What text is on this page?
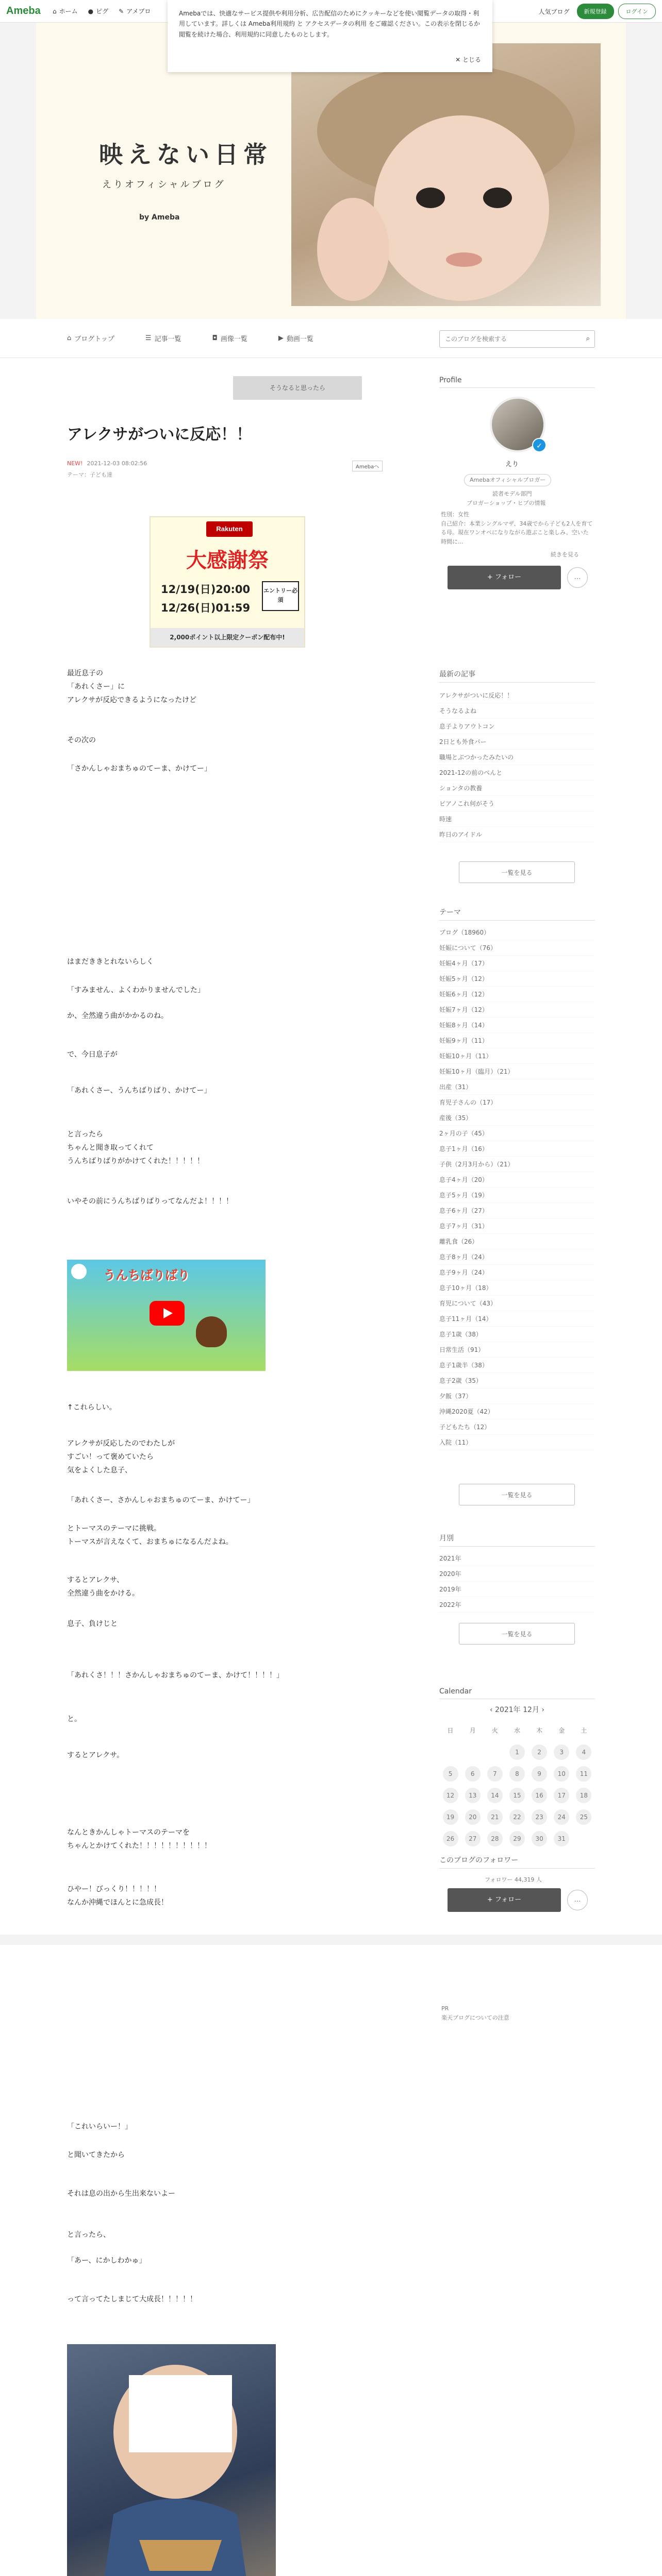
Ameba ⌂ ホーム ● ピグ ✎ アメブロ	人気ブログ	新規登録	ログイン
映えない日常
えりオフィシャルブログ
by Ameba
Amebaでは、快適なサービス提供や利用分析、広告配信のためにクッキーなどを使い閲覧データの取得・利用しています。詳しくは Ameba利用規約 と アクセスデータの利用 をご確認ください。この表示を閉じるか閲覧を続けた場合、利用規約に同意したものとします。
✕ とじる
⌂ ブログトップ	☰ 記事一覧	◘ 画像一覧	▶ 動画一覧
このブログを検索する	⌕
そうなると思ったら
アレクサがついに反応！！
NEW! 2021-12-03 08:02:56
テーマ：子ども達
Amebaへ
Rakuten
大感謝祭
12/19(日)20:00
12/26(日)01:59
エントリー必須
2,000ポイント以上限定クーポン配布中!
最近息子の
「あれくさー」に
アレクサが反応できるようになったけど
その次の
「さかんしゃおまちゅのてーま、かけてー」
はまだききとれないらしく
「すみません、よくわかりませんでした」
か、全然違う曲がかかるのね。
で、今日息子が
「あれくさー、うんちばりばり、かけてー」
と言ったら
ちゃんと聞き取ってくれて
うんちばりばりがかけてくれた！！！！！
いやその前にうんちばりばりってなんだよ！！！！
うんちばりばり
↑これらしい。
アレクサが反応したのでわたしが
すごい！って褒めていたら
気をよくした息子、
「あれくさー、さかんしゃおまちゅのてーま、かけてー」
とトーマスのテーマに挑戦。
トーマスが言えなくて、おまちゅになるんだよね。
するとアレクサ、
全然違う曲をかける。
息子、負けじと
「あれくさ！！！さかんしゃおまちゅのてーま、かけて！！！！」
と。
するとアレクサ。
なんときかんしゃトーマスのテーマを
ちゃんとかけてくれた！！！！！！！！！！
ひやー！びっくり！！！！！
なんか沖縄でほんとに急成長！
Profile
✓
えり
Amebaオフィシャルブロガー
読者モデル部門
ブロガーショップ・ヒプの情報
性別：女性
自己紹介：本業シングルマザ、34歳でから子ども2人を育てる母。現在ワンオペになりながら遊ぶこと楽しみ、空いた時間に...
続きを見る
+ フォロー	…
最新の記事
アレクサがついに反応！！
そうなるよね
息子よりアウトコン
2日とも外食パー
職場とぶつかったみたいの
2021-12の前のべんと
ションタの教養
ピアノこれ何がそう
時速
昨日のアイドル
一覧を見る
テーマ
ブログ（18960）
妊娠について（76）
妊娠4ヶ月（17）
妊娠5ヶ月（12）
妊娠6ヶ月（12）
妊娠7ヶ月（12）
妊娠8ヶ月（14）
妊娠9ヶ月（11）
妊娠10ヶ月（11）
妊娠10ヶ月（臨月）（21）
出産（31）
育児子さんの（17）
産後（35）
2ヶ月の子（45）
息子1ヶ月（16）
子供（2月3月から）（21）
息子4ヶ月（20）
息子5ヶ月（19）
息子6ヶ月（27）
息子7ヶ月（31）
離乳食（26）
息子8ヶ月（24）
息子9ヶ月（24）
息子10ヶ月（18）
育児について（43）
息子11ヶ月（14）
息子1歳（38）
日常生活（91）
息子1歳半（38）
息子2歳（35）
夕飯（37）
沖縄2020夏（42）
子どもたち（12）
入院（11）
一覧を見る
月別
2021年
2020年
2019年
2022年
一覧を見る
Calendar
‹ 2021年 12月 ›
日	月	火	水	木	金	土
			1	2	3	4
5	6	7	8	9	10	11
12	13	14	15	16	17	18
19	20	21	22	23	24	25
26	27	28	29	30	31	
このブログのフォロワー
フォロワー 44,319 人
+ フォロー	…
PR
楽天ブログについての注意
「これいらいー！」
と聞いてきたから
それは息の出から生出来ないよー
と言ったら、
「あー、にかしわかゅ」
って言ってたしまじて大成長！！！！！
